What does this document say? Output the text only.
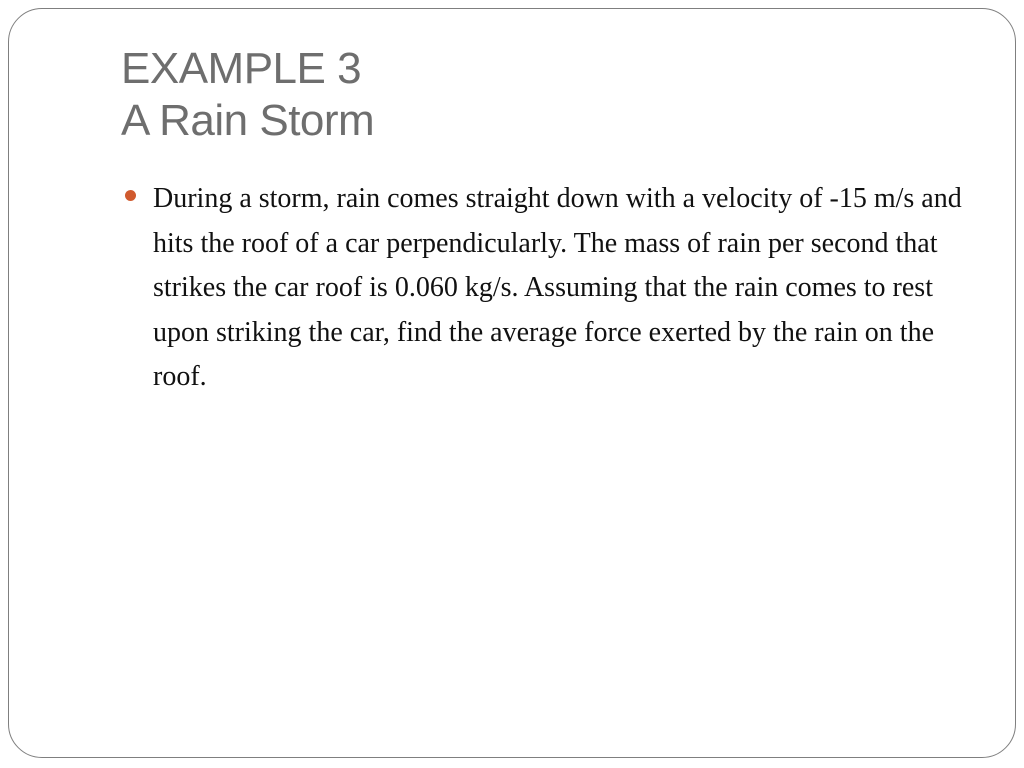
EXAMPLE 3
A Rain Storm
During a storm, rain comes straight down with a velocity of -15 m/s and hits the roof of a car perpendicularly. The mass of rain per second that strikes the car roof is 0.060 kg/s. Assuming that the rain comes to rest upon striking the car, find the average force exerted by the rain on the roof.
